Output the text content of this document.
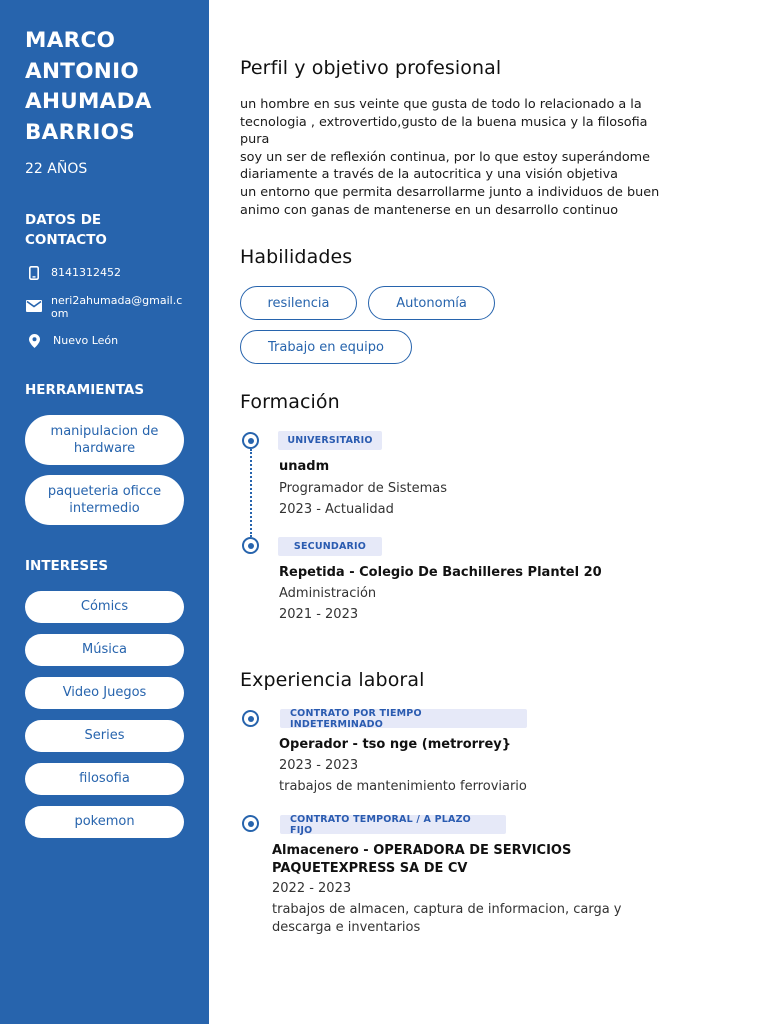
MARCO ANTONIO AHUMADA BARRIOS
22 AÑOS
DATOS DE CONTACTO
8141312452
neri2ahumada@gmail.com
Nuevo León
HERRAMIENTAS
manipulacion de hardware
paqueteria oficce intermedio
INTERESES
Cómics
Música
Video Juegos
Series
filosofia
pokemon
Perfil y objetivo profesional

un hombre en sus veinte que gusta de todo lo relacionado a la tecnologia , extrovertido,gusto de la buena musica y la filosofia pura

soy un ser de reflexión continua, por lo que estoy superándome diariamente a través de la autocritica y una visión objetiva

un entorno que permita desarrollarme junto a individuos de buen animo con ganas de mantenerse en un desarrollo continuo

Habilidades
resilencia	Autonomía
Trabajo en equipo
Formación
UNIVERSITARIO
unadm
Programador de Sistemas
2023 - Actualidad
SECUNDARIO
Repetida - Colegio De Bachilleres Plantel 20
Administración
2021 - 2023
Experiencia laboral
CONTRATO POR TIEMPO INDETERMINADO
Operador - tso nge (metrorrey}
2023 - 2023
trabajos de mantenimiento ferroviario
CONTRATO TEMPORAL / A PLAZO FIJO
Almacenero - OPERADORA DE SERVICIOS PAQUETEXPRESS SA DE CV
2022 - 2023
trabajos de almacen, captura de informacion, carga y descarga e inventarios
